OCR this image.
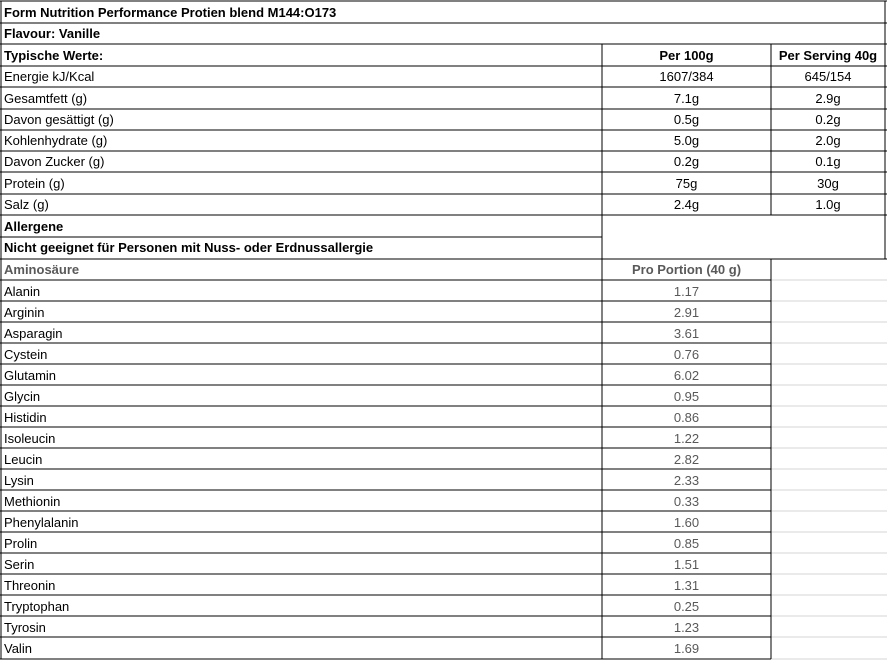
Form Nutrition Performance Protien blend M144:O173
Flavour: Vanille
Typische Werte:	Per 100g	Per Serving 40g
Energie kJ/Kcal	1607/384	645/154
Gesamtfett (g)	7.1g	2.9g
Davon gesättigt (g)	0.5g	0.2g
Kohlenhydrate (g)	5.0g	2.0g
Davon Zucker (g)	0.2g	0.1g
Protein (g)	75g	30g
Salz (g)	2.4g	1.0g
Allergene
Nicht geeignet für Personen mit Nuss- oder Erdnussallergie
Aminosäure	Pro Portion (40 g)
Alanin	1.17
Arginin	2.91
Asparagin	3.61
Cystein	0.76
Glutamin	6.02
Glycin	0.95
Histidin	0.86
Isoleucin	1.22
Leucin	2.82
Lysin	2.33
Methionin	0.33
Phenylalanin	1.60
Prolin	0.85
Serin	1.51
Threonin	1.31
Tryptophan	0.25
Tyrosin	1.23
Valin	1.69
